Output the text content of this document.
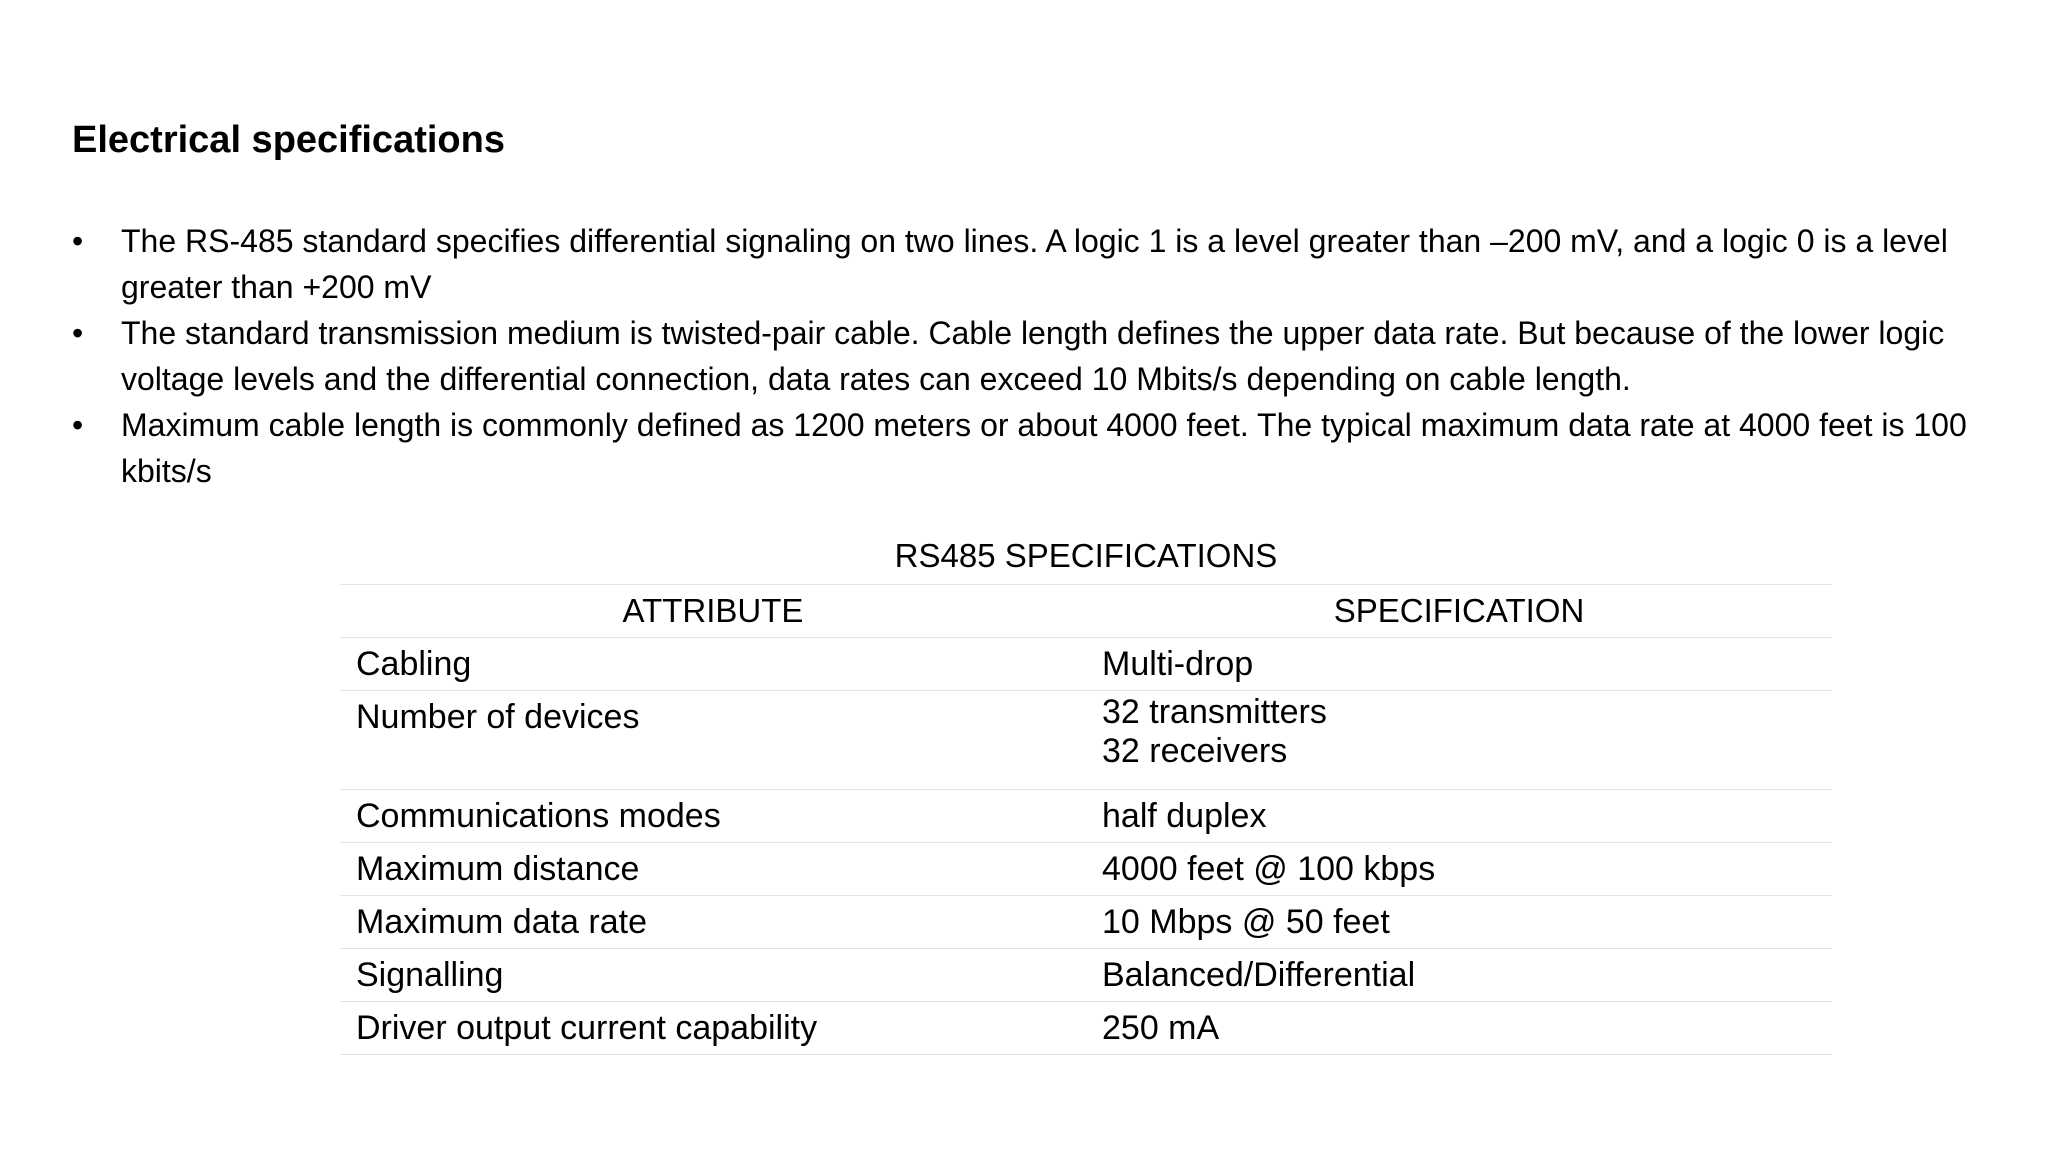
Electrical specifications
• The RS-485 standard specifies differential signaling on two lines. A logic 1 is a level greater than –200 mV, and a logic 0 is a level greater than +200 mV
• The standard transmission medium is twisted-pair cable. Cable length defines the upper data rate. But because of the lower logic voltage levels and the differential connection, data rates can exceed 10 Mbits/s depending on cable length.
• Maximum cable length is commonly defined as 1200 meters or about 4000 feet. The typical maximum data rate at 4000 feet is 100 kbits/s
RS485 SPECIFICATIONS
ATTRIBUTE	SPECIFICATION
Cabling	Multi-drop
Number of devices	32 transmitters
32 receivers
Communications modes	half duplex
Maximum distance	4000 feet @ 100 kbps
Maximum data rate	10 Mbps @ 50 feet
Signalling	Balanced/Differential
Driver output current capability	250 mA
